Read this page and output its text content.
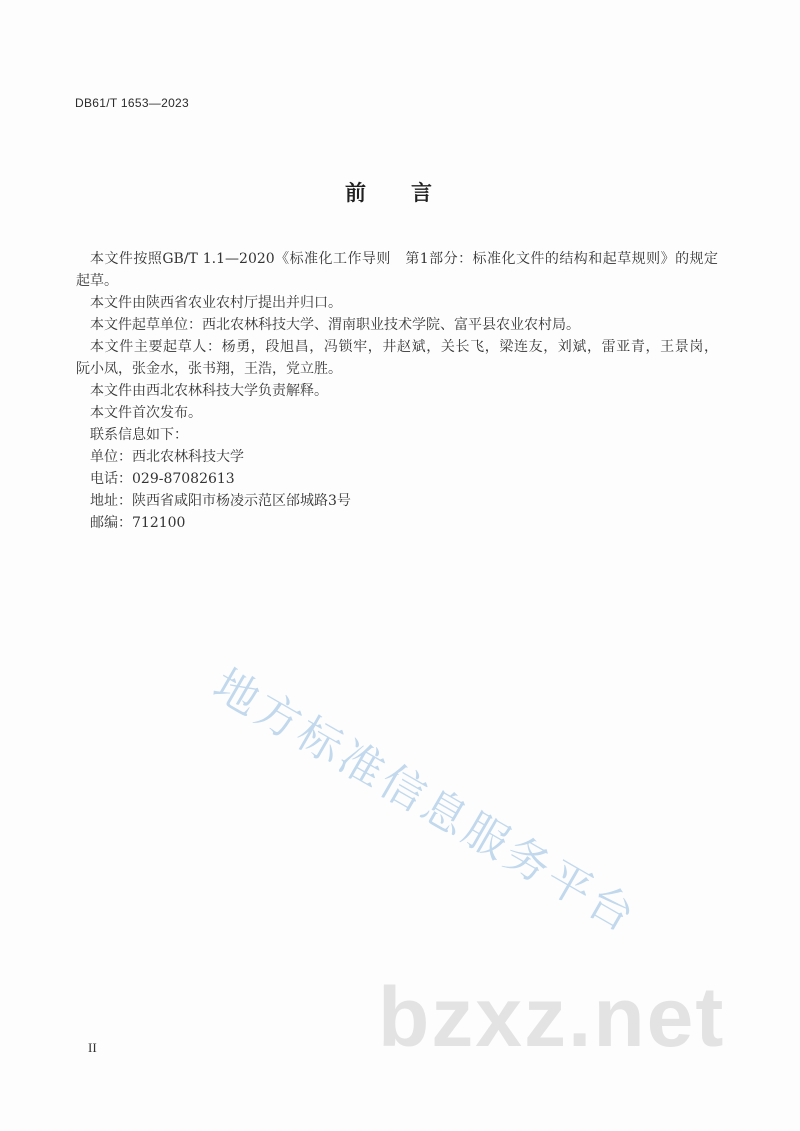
DB61/T 1653—2023
前言
本文件按照GB/T 1.1—2020《标准化工作导则　第1部分：标准化文件的结构和起草规则》的规定
起草。
本文件由陕西省农业农村厅提出并归口。
本文件起草单位：西北农林科技大学、渭南职业技术学院、富平县农业农村局。
本文件主要起草人：杨勇，段旭昌，冯锁牢，井赵斌，关长飞，梁连友，刘斌，雷亚青，王景岗，
阮小凤，张金水，张书翔，王浩，党立胜。
本文件由西北农林科技大学负责解释。
本文件首次发布。
联系信息如下：
单位：西北农林科技大学
电话：029-87082613
地址：陕西省咸阳市杨凌示范区邰城路3号
邮编：712100
地方标准信息服务平台
bzxz.net
II
